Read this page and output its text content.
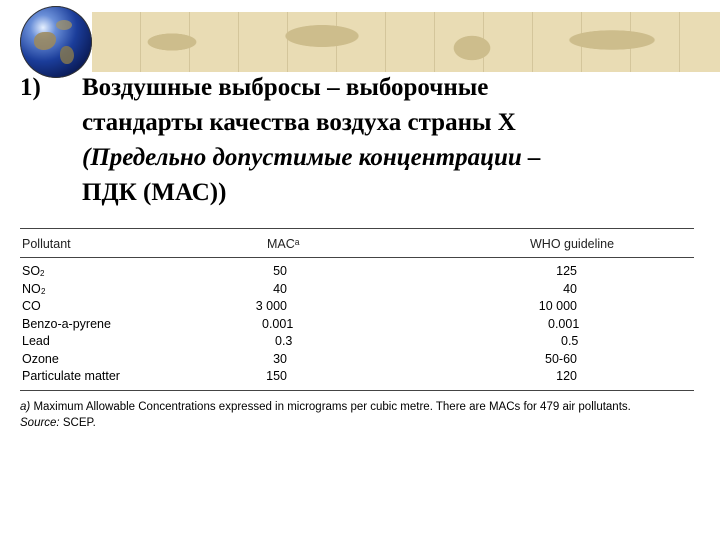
1) Воздушные выбросы – выборочные
стандарты качества воздуха страны Х
(Предельно допустимые концентрации –
ПДК (МАС))
Pollutant	MACᵃ	WHO guideline
SO 2	50	125
NO 2	40	40
CO	3 000	10 000
Benzo-a-pyrene	0.001	0.001
Lead	0.3	0.5
Ozone	30	50-60
Particulate matter	150	120
a) Maximum Allowable Concentrations expressed in micrograms per cubic metre. There are MACs for 479 air pollutants.
Source: SCEP.
